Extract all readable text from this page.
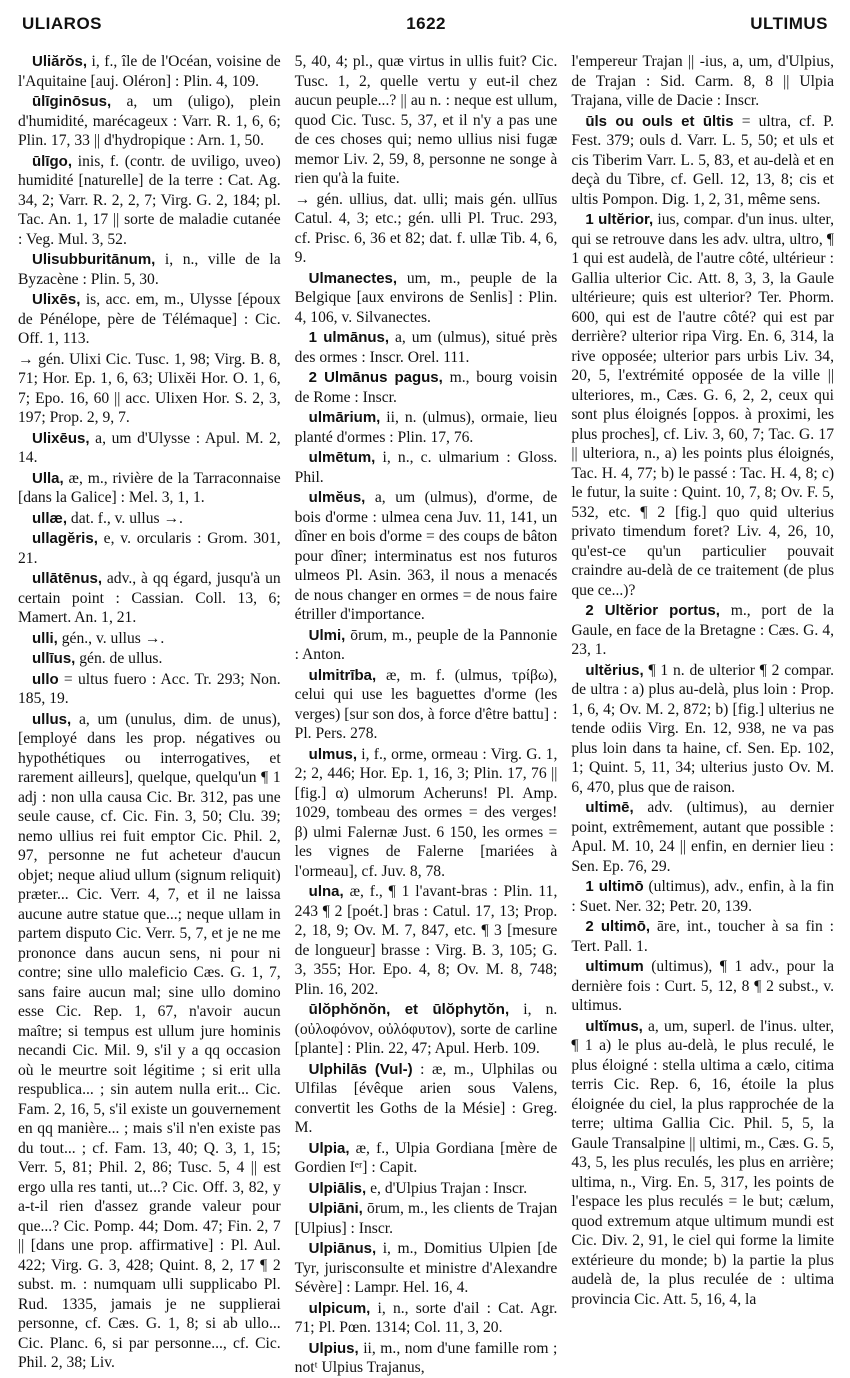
ULIAROS	1622	ULTIMUS

Uliărŏs, i, f., île de l'Océan, voisine de l'Aquitaine [auj. Oléron] : Plin. 4, 109.

ūlīginōsus, a, um (uligo), plein d'humidité, marécageux : Varr. R. 1, 6, 6; Plin. 17, 33 || d'hydropique : Arn. 1, 50.

ūlīgo, inis, f. (contr. de uviligo, uveo) humidité [naturelle] de la terre : Cat. Ag. 34, 2; Varr. R. 2, 2, 7; Virg. G. 2, 184; pl. Tac. An. 1, 17 || sorte de maladie cutanée : Veg. Mul. 3, 52.

Ulisubburitānum, i, n., ville de la Byzacène : Plin. 5, 30.

Ulixēs, is, acc. em, m., Ulysse [époux de Pénélope, père de Télémaque] : Cic. Off. 1, 113.

→ gén. Ulixi Cic. Tusc. 1, 98; Virg. B. 8, 71; Hor. Ep. 1, 6, 63; Ulixĕi Hor. O. 1, 6, 7; Epo. 16, 60 || acc. Ulixen Hor. S. 2, 3, 197; Prop. 2, 9, 7.

Ulixēus, a, um d'Ulysse : Apul. M. 2, 14.

Ulla, æ, m., rivière de la Tarraconnaise [dans la Galice] : Mel. 3, 1, 1.

ullæ, dat. f., v. ullus →.

ullagĕris, e, v. orcularis : Grom. 301, 21.

ullātēnus, adv., à qq égard, jusqu'à un certain point : Cassian. Coll. 13, 6; Mamert. An. 1, 21.

ulli, gén., v. ullus →.

ullīus, gén. de ullus.

ullo = ultus fuero : Acc. Tr. 293; Non. 185, 19.

ullus, a, um (unulus, dim. de unus), [employé dans les prop. négatives ou hypothétiques ou interrogatives, et rarement ailleurs], quelque, quelqu'un ¶ 1 adj : non ulla causa Cic. Br. 312, pas une seule cause, cf. Cic. Fin. 3, 50; Clu. 39; nemo ullius rei fuit emptor Cic. Phil. 2, 97, personne ne fut acheteur d'aucun objet; neque aliud ullum (signum reliquit) præter... Cic. Verr. 4, 7, et il ne laissa aucune autre statue que...; neque ullam in partem disputo Cic. Verr. 5, 7, et je ne me prononce dans aucun sens, ni pour ni contre; sine ullo maleficio Cæs. G. 1, 7, sans faire aucun mal; sine ullo domino esse Cic. Rep. 1, 67, n'avoir aucun maître; si tempus est ullum jure hominis necandi Cic. Mil. 9, s'il y a qq occasion où le meurtre soit légitime ; si erit ulla respublica... ; sin autem nulla erit... Cic. Fam. 2, 16, 5, s'il existe un gouvernement en qq manière... ; mais s'il n'en existe pas du tout... ; cf. Fam. 13, 40; Q. 3, 1, 15; Verr. 5, 81; Phil. 2, 86; Tusc. 5, 4 || est ergo ulla res tanti, ut...? Cic. Off. 3, 82, y a-t-il rien d'assez grande valeur pour que...? Cic. Pomp. 44; Dom. 47; Fin. 2, 7 || [dans une prop. affirmative] : Pl. Aul. 422; Virg. G. 3, 428; Quint. 8, 2, 17 ¶ 2 subst. m. : numquam ulli supplicabo Pl. Rud. 1335, jamais je ne supplierai personne, cf. Cæs. G. 1, 8; si ab ullo... Cic. Planc. 6, si par personne..., cf. Cic. Phil. 2, 38; Liv.

5, 40, 4; pl., quæ virtus in ullis fuit? Cic. Tusc. 1, 2, quelle vertu y eut-il chez aucun peuple...? || au n. : neque est ullum, quod Cic. Tusc. 5, 37, et il n'y a pas une de ces choses qui; nemo ullius nisi fugæ memor Liv. 2, 59, 8, personne ne songe à rien qu'à la fuite.

→ gén. ullius, dat. ulli; mais gén. ullīus Catul. 4, 3; etc.; gén. ulli Pl. Truc. 293, cf. Prisc. 6, 36 et 82; dat. f. ullæ Tib. 4, 6, 9.

Ulmanectes, um, m., peuple de la Belgique [aux environs de Senlis] : Plin. 4, 106, v. Silvanectes.

1 ulmānus, a, um (ulmus), situé près des ormes : Inscr. Orel. 111.

2 Ulmānus pagus, m., bourg voisin de Rome : Inscr.

ulmārium, ii, n. (ulmus), ormaie, lieu planté d'ormes : Plin. 17, 76.

ulmētum, i, n., c. ulmarium : Gloss. Phil.

ulmĕus, a, um (ulmus), d'orme, de bois d'orme : ulmea cena Juv. 11, 141, un dîner en bois d'orme = des coups de bâton pour dîner; interminatus est nos futuros ulmeos Pl. Asin. 363, il nous a menacés de nous changer en ormes = de nous faire étriller d'importance.

Ulmi, ōrum, m., peuple de la Pannonie : Anton.

ulmitrība, æ, m. f. (ulmus, τρίβω), celui qui use les baguettes d'orme (les verges) [sur son dos, à force d'être battu] : Pl. Pers. 278.

ulmus, i, f., orme, ormeau : Virg. G. 1, 2; 2, 446; Hor. Ep. 1, 16, 3; Plin. 17, 76 || [fig.] α) ulmorum Acheruns! Pl. Amp. 1029, tombeau des ormes = des verges! β) ulmi Falernæ Just. 6 150, les ormes = les vignes de Falerne [mariées à l'ormeau], cf. Juv. 8, 78.

ulna, æ, f., ¶ 1 l'avant-bras : Plin. 11, 243 ¶ 2 [poét.] bras : Catul. 17, 13; Prop. 2, 18, 9; Ov. M. 7, 847, etc. ¶ 3 [mesure de longueur] brasse : Virg. B. 3, 105; G. 3, 355; Hor. Epo. 4, 8; Ov. M. 8, 748; Plin. 16, 202.

ūlŏphŏnŏn, et ūlŏphytŏn, i, n. (οὐλοφόνον, οὐλόφυτον), sorte de carline [plante] : Plin. 22, 47; Apul. Herb. 109.

Ulphilās (Vul-) : æ, m., Ulphilas ou Ulfilas [évêque arien sous Valens, convertit les Goths de la Mésie] : Greg. M.

Ulpia, æ, f., Ulpia Gordiana [mère de Gordien Iᵉʳ] : Capit.

Ulpiālis, e, d'Ulpius Trajan : Inscr.

Ulpiāni, ōrum, m., les clients de Trajan [Ulpius] : Inscr.

Ulpiānus, i, m., Domitius Ulpien [de Tyr, jurisconsulte et ministre d'Alexandre Sévère] : Lampr. Hel. 16, 4.

ulpicum, i, n., sorte d'ail : Cat. Agr. 71; Pl. Pœn. 1314; Col. 11, 3, 20.

Ulpius, ii, m., nom d'une famille rom ; notᵗ Ulpius Trajanus,

l'empereur Trajan || -ius, a, um, d'Ulpius, de Trajan : Sid. Carm. 8, 8 || Ulpia Trajana, ville de Dacie : Inscr.

ūls ou ouls et ūltis = ultra, cf. P. Fest. 379; ouls d. Varr. L. 5, 50; et uls et cis Tiberim Varr. L. 5, 83, et au-delà et en deçà du Tibre, cf. Gell. 12, 13, 8; cis et ultis Pompon. Dig. 1, 2, 31, même sens.

1 ultĕrior, ius, compar. d'un inus. ulter, qui se retrouve dans les adv. ultra, ultro, ¶ 1 qui est audelà, de l'autre côté, ultérieur : Gallia ulterior Cic. Att. 8, 3, 3, la Gaule ultérieure; quis est ulterior? Ter. Phorm. 600, qui est de l'autre côté? qui est par derrière? ulterior ripa Virg. En. 6, 314, la rive opposée; ulterior pars urbis Liv. 34, 20, 5, l'extrémité opposée de la ville || ulteriores, m., Cæs. G. 6, 2, 2, ceux qui sont plus éloignés [oppos. à proximi, les plus proches], cf. Liv. 3, 60, 7; Tac. G. 17 || ulteriora, n., a) les points plus éloignés, Tac. H. 4, 77; b) le passé : Tac. H. 4, 8; c) le futur, la suite : Quint. 10, 7, 8; Ov. F. 5, 532, etc. ¶ 2 [fig.] quo quid ulterius privato timendum foret? Liv. 4, 26, 10, qu'est-ce qu'un particulier pouvait craindre au-delà de ce traitement (de plus que ce...)?

2 Ultĕrior portus, m., port de la Gaule, en face de la Bretagne : Cæs. G. 4, 23, 1.

ultĕrius, ¶ 1 n. de ulterior ¶ 2 compar. de ultra : a) plus au-delà, plus loin : Prop. 1, 6, 4; Ov. M. 2, 872; b) [fig.] ulterius ne tende odiis Virg. En. 12, 938, ne va pas plus loin dans ta haine, cf. Sen. Ep. 102, 1; Quint. 5, 11, 34; ulterius justo Ov. M. 6, 470, plus que de raison.

ultimē, adv. (ultimus), au dernier point, extrêmement, autant que possible : Apul. M. 10, 24 || enfin, en dernier lieu : Sen. Ep. 76, 29.

1 ultimō (ultimus), adv., enfin, à la fin : Suet. Ner. 32; Petr. 20, 139.

2 ultimō, āre, int., toucher à sa fin : Tert. Pall. 1.

ultimum (ultimus), ¶ 1 adv., pour la dernière fois : Curt. 5, 12, 8 ¶ 2 subst., v. ultimus.

ultĭmus, a, um, superl. de l'inus. ulter, ¶ 1 a) le plus au-delà, le plus reculé, le plus éloigné : stella ultima a cælo, citima terris Cic. Rep. 6, 16, étoile la plus éloignée du ciel, la plus rapprochée de la terre; ultima Gallia Cic. Phil. 5, 5, la Gaule Transalpine || ultimi, m., Cæs. G. 5, 43, 5, les plus reculés, les plus en arrière; ultima, n., Virg. En. 5, 317, les points de l'espace les plus reculés = le but; cælum, quod extremum atque ultimum mundi est Cic. Div. 2, 91, le ciel qui forme la limite extérieure du monde; b) la partie la plus audelà de, la plus reculée de : ultima provincia Cic. Att. 5, 16, 4, la
